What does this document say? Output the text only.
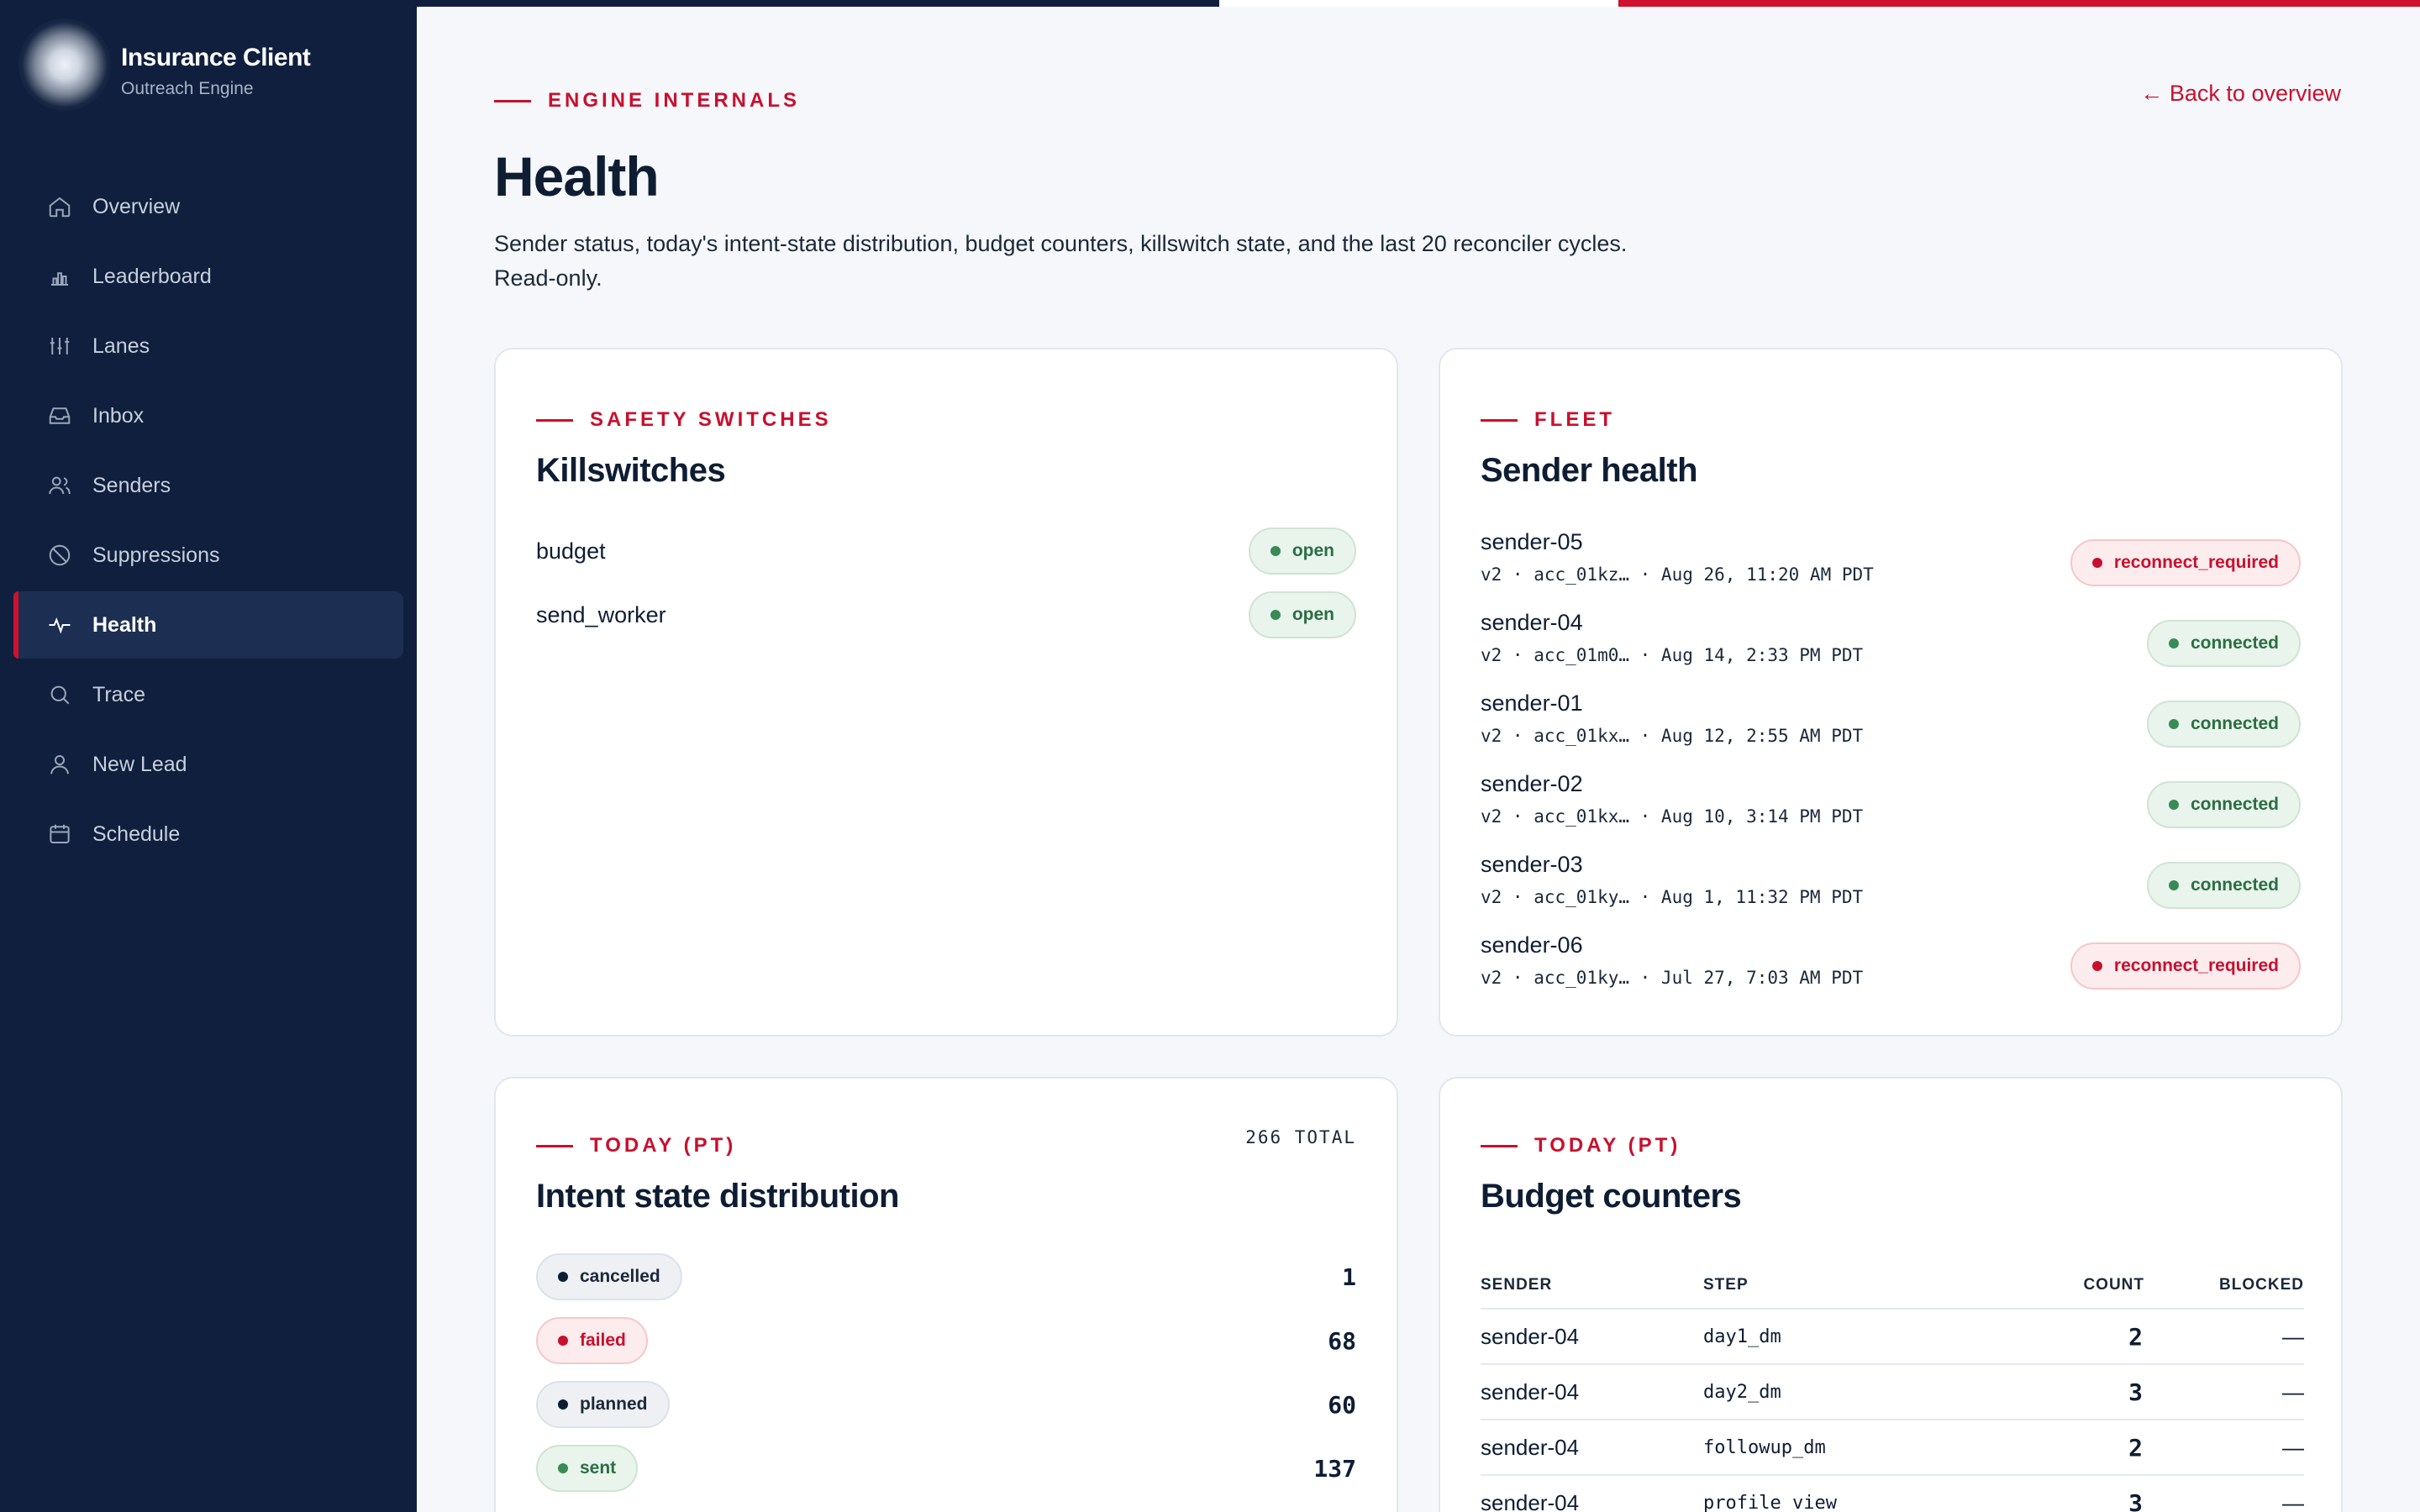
Insurance Client
Outreach Engine
Overview
Leaderboard
Lanes
Inbox
Senders
Suppressions
Health
Trace
New Lead
Schedule
ENGINE INTERNALS	← Back to overview
Health

Sender status, today's intent-state distribution, budget counters, killswitch state, and the last 20 reconciler cycles. Read-only.

SAFETY SWITCHES
Killswitches
budget	open
send_worker	open
FLEET
Sender health
sender-05
v2 · acc_01kz… · Aug 26, 11:20 AM PDT
reconnect_required
sender-04
v2 · acc_01m0… · Aug 14, 2:33 PM PDT
connected
sender-01
v2 · acc_01kx… · Aug 12, 2:55 AM PDT
connected
sender-02
v2 · acc_01kx… · Aug 10, 3:14 PM PDT
connected
sender-03
v2 · acc_01ky… · Aug 1, 11:32 PM PDT
connected
sender-06
v2 · acc_01ky… · Jul 27, 7:03 AM PDT
reconnect_required
TODAY (PT)	266 TOTAL
Intent state distribution
cancelled	1
failed	68
planned	60
sent	137
TODAY (PT)
Budget counters
SENDER	STEP	COUNT	BLOCKED
sender-04	day1_dm	2	—
sender-04	day2_dm	3	—
sender-04	followup_dm	2	—
sender-04	profile_view	3	—
